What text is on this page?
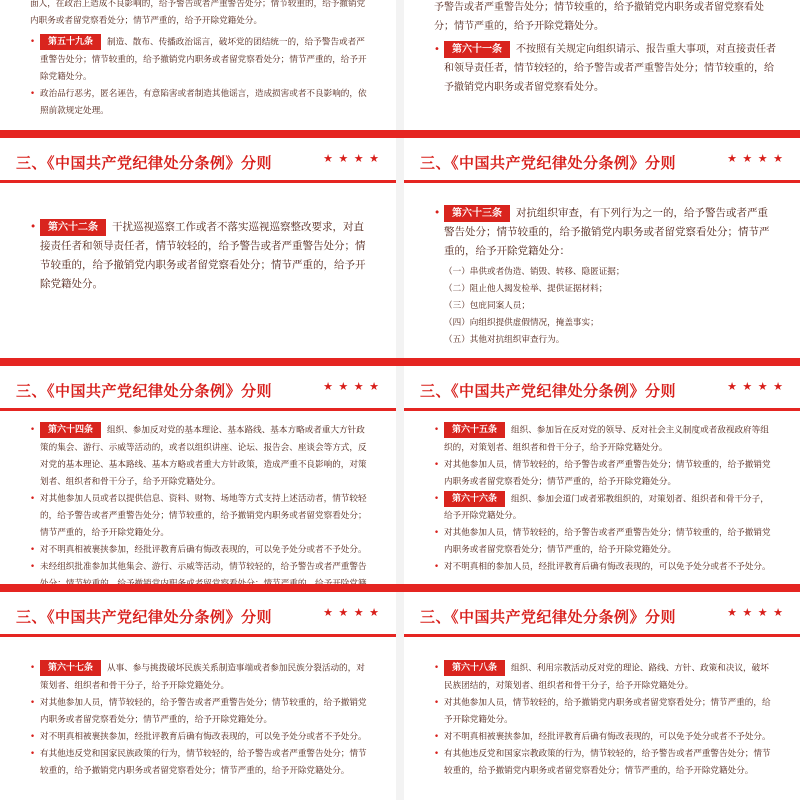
面人，在政治上造成不良影响的，给予警告或者严重警告处分；情节较重的，给予撤销党内职务或者留党察看处分；情节严重的，给予开除党籍处分。

• 第五十九条 制造、散布、传播政治谣言，破坏党的团结统一的，给予警告或者严重警告处分；情节较重的，给予撤销党内职务或者留党察看处分；情节严重的，给予开除党籍处分。

• 政治品行恶劣，匿名诬告，有意陷害或者制造其他谣言，造成损害或者不良影响的，依照前款规定处理。

予警告或者严重警告处分；情节较重的，给予撤销党内职务或者留党察看处分；情节严重的，给予开除党籍处分。

• 第六十一条 不按照有关规定向组织请示、报告重大事项，对直接责任者和领导责任者，情节较轻的，给予警告或者严重警告处分；情节较重的，给予撤销党内职务或者留党察看处分。

三、《中国共产党纪律处分条例》分则	★ ★ ★ ★

• 第六十二条 干扰巡视巡察工作或者不落实巡视巡察整改要求，对直接责任者和领导责任者，情节较轻的，给予警告或者严重警告处分；情节较重的，给予撤销党内职务或者留党察看处分；情节严重的，给予开除党籍处分。

三、《中国共产党纪律处分条例》分则	★ ★ ★ ★

• 第六十三条 对抗组织审查，有下列行为之一的，给予警告或者严重警告处分；情节较重的，给予撤销党内职务或者留党察看处分；情节严重的，给予开除党籍处分：

（一）串供或者伪造、销毁、转移、隐匿证据；

（二）阻止他人揭发检举、提供证据材料；

（三）包庇同案人员；

（四）向组织提供虚假情况，掩盖事实；

（五）其他对抗组织审查行为。

三、《中国共产党纪律处分条例》分则	★ ★ ★ ★

• 第六十四条 组织、参加反对党的基本理论、基本路线、基本方略或者重大方针政策的集会、游行、示威等活动的，或者以组织讲座、论坛、报告会、座谈会等方式，反对党的基本理论、基本路线、基本方略或者重大方针政策，造成严重不良影响的，对策划者、组织者和骨干分子，给予开除党籍处分。

• 对其他参加人员或者以提供信息、资料、财物、场地等方式支持上述活动者，情节较轻的，给予警告或者严重警告处分；情节较重的，给予撤销党内职务或者留党察看处分；情节严重的，给予开除党籍处分。

• 对不明真相被裹挟参加，经批评教育后确有悔改表现的，可以免予处分或者不予处分。

• 未经组织批准参加其他集会、游行、示威等活动，情节较轻的，给予警告或者严重警告

三、《中国共产党纪律处分条例》分则	★ ★ ★ ★

• 第六十五条 组织、参加旨在反对党的领导、反对社会主义制度或者敌视政府等组织的，对策划者、组织者和骨干分子，给予开除党籍处分。

• 对其他参加人员，情节较轻的，给予警告或者严重警告处分；情节较重的，给予撤销党内职务或者留党察看处分；情节严重的，给予开除党籍处分。

• 第六十六条 组织、参加会道门或者邪教组织的，对策划者、组织者和骨干分子，给予开除党籍处分。

• 对其他参加人员，情节较轻的，给予警告或者严重警告处分；情节较重的，给予撤销党内职务或者留党察看处分；情节严重的，给予开除党籍处分。

• 对不明真相的参加人员，经批评教育后确有悔改表现的，可以免予处分或者不予处分。

三、《中国共产党纪律处分条例》分则	★ ★ ★ ★

• 第六十七条 从事、参与挑拨破坏民族关系制造事端或者参加民族分裂活动的，对策划者、组织者和骨干分子，给予开除党籍处分。

• 对其他参加人员，情节较轻的，给予警告或者严重警告处分；情节较重的，给予撤销党内职务或者留党察看处分；情节严重的，给予开除党籍处分。

• 对不明真相被裹挟参加，经批评教育后确有悔改表现的，可以免予处分或者不予处分。

• 有其他违反党和国家民族政策的行为，情节较轻的，给予警告或者严重警告处分；情节较重的，给予撤销党内职务或者留党察看处分；情节严重的，给予开除党籍处分。

三、《中国共产党纪律处分条例》分则	★ ★ ★ ★

• 第六十八条 组织、利用宗教活动反对党的理论、路线、方针、政策和决议，破坏民族团结的，对策划者、组织者和骨干分子，给予开除党籍处分。

• 对其他参加人员，情节较轻的，给予撤销党内职务或者留党察看处分；情节严重的，给予开除党籍处分。

• 对不明真相被裹挟参加，经批评教育后确有悔改表现的，可以免予处分或者不予处分。

• 有其他违反党和国家宗教政策的行为，情节较轻的，给予警告或者严重警告处分；情节较重的，给予撤销党内职务或者留党察看处分；情节严重的，给予开除党籍处分。
